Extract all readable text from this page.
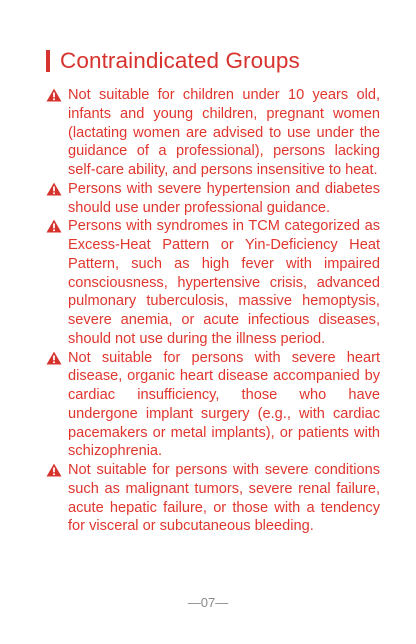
Contraindicated Groups
Not suitable for children under 10 years old, infants and young children, pregnant women (lactating women are advised to use under the guidance of a professional), persons lacking self-care ability, and persons insensitive to heat.
Persons with severe hypertension and diabetes should use under professional guidance.
Persons with syndromes in TCM categorized as Excess-Heat Pattern or Yin-Deficiency Heat Pattern, such as high fever with impaired consciousness, hypertensive crisis, advanced pulmonary tuberculosis, massive hemoptysis, severe anemia, or acute infectious diseases, should not use during the illness period.
Not suitable for persons with severe heart disease, organic heart disease accompanied by cardiac insufficiency, those who have undergone implant surgery (e.g., with cardiac pacemakers or metal implants), or patients with schizophrenia.
Not suitable for persons with severe conditions such as malignant tumors, severe renal failure, acute hepatic failure, or those with a tendency for visceral or subcutaneous bleeding.
—07—
